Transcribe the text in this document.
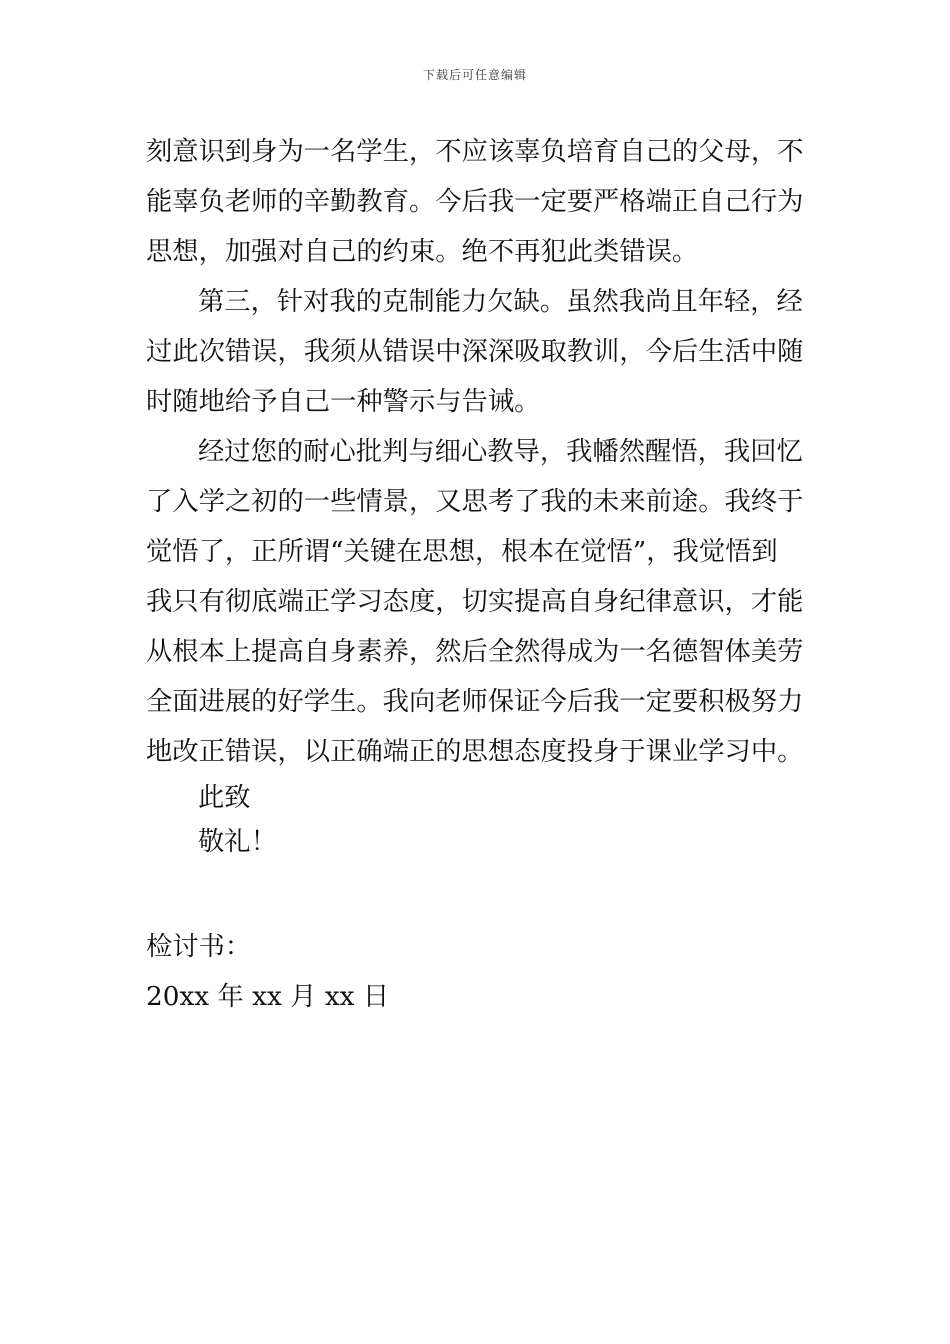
下载后可任意编辑
刻意识到身为一名学生，不应该辜负培育自己的父母，不
能辜负老师的辛勤教育。今后我一定要严格端正自己行为
思想，加强对自己的约束。绝不再犯此类错误。
第三，针对我的克制能力欠缺。虽然我尚且年轻，经
过此次错误，我须从错误中深深吸取教训，今后生活中随
时随地给予自己一种警示与告诫。
经过您的耐心批判与细心教导，我幡然醒悟，我回忆
了入学之初的一些情景，又思考了我的未来前途。我终于
觉悟了，正所谓“关键在思想，根本在觉悟”，我觉悟到
我只有彻底端正学习态度，切实提高自身纪律意识，才能
从根本上提高自身素养，然后全然得成为一名德智体美劳
全面进展的好学生。我向老师保证今后我一定要积极努力
地改正错误，以正确端正的思想态度投身于课业学习中。
此致
敬礼！
检讨书：
20xx 年 xx 月 xx 日
